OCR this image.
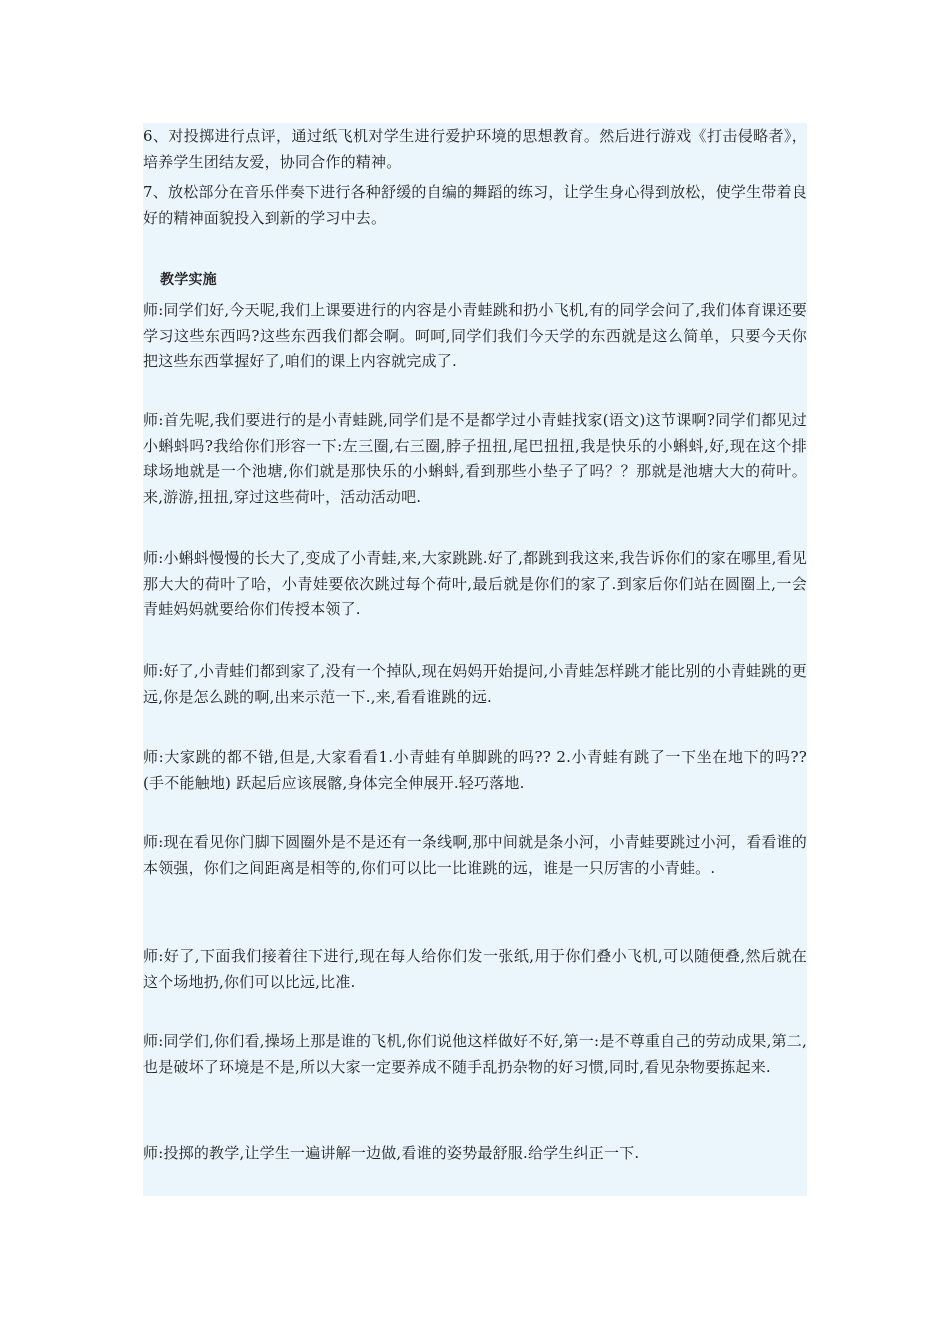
6、对投掷进行点评，通过纸飞机对学生进行爱护环境的思想教育。然后进行游戏《打击侵略者》，培养学生团结友爱，协同合作的精神。

7、放松部分在音乐伴奏下进行各种舒缓的自编的舞蹈的练习，让学生身心得到放松，使学生带着良好的精神面貌投入到新的学习中去。

教学实施

师:同学们好,今天呢,我们上课要进行的内容是小青蛙跳和扔小飞机,有的同学会问了,我们体育课还要学习这些东西吗?这些东西我们都会啊。呵呵,同学们我们今天学的东西就是这么简单，只要今天你把这些东西掌握好了,咱们的课上内容就完成了.

师:首先呢,我们要进行的是小青蛙跳,同学们是不是都学过小青蛙找家(语文)这节课啊?同学们都见过小蝌蚪吗?我给你们形容一下:左三圈,右三圈,脖子扭扭,尾巴扭扭,我是快乐的小蝌蚪,好,现在这个排球场地就是一个池塘,你们就是那快乐的小蝌蚪,看到那些小垫子了吗？？那就是池塘大大的荷叶。来,游游,扭扭,穿过这些荷叶，活动活动吧.

师:小蝌蚪慢慢的长大了,变成了小青蛙,来,大家跳跳.好了,都跳到我这来,我告诉你们的家在哪里,看见那大大的荷叶了哈，小青娃要依次跳过每个荷叶,最后就是你们的家了.到家后你们站在圆圈上,一会青蛙妈妈就要给你们传授本领了.

师:好了,小青蛙们都到家了,没有一个掉队,现在妈妈开始提问,小青蛙怎样跳才能比别的小青蛙跳的更远,你是怎么跳的啊,出来示范一下.,来,看看谁跳的远.

师:大家跳的都不错,但是,大家看看1.小青蛙有单脚跳的吗?? 2.小青蛙有跳了一下坐在地下的吗??(手不能触地) 跃起后应该展髂,身体完全伸展开.轻巧落地.

师:现在看见你门脚下圆圈外是不是还有一条线啊,那中间就是条小河，小青蛙要跳过小河，看看谁的本领强，你们之间距离是相等的,你们可以比一比谁跳的远，谁是一只厉害的小青蛙。.

师:好了,下面我们接着往下进行,现在每人给你们发一张纸,用于你们叠小飞机,可以随便叠,然后就在这个场地扔,你们可以比远,比准.

师:同学们,你们看,操场上那是谁的飞机,你们说他这样做好不好,第一:是不尊重自己的劳动成果,第二,也是破坏了环境是不是,所以大家一定要养成不随手乱扔杂物的好习惯,同时,看见杂物要拣起来.

师:投掷的教学,让学生一遍讲解一边做,看谁的姿势最舒服.给学生纠正一下.
